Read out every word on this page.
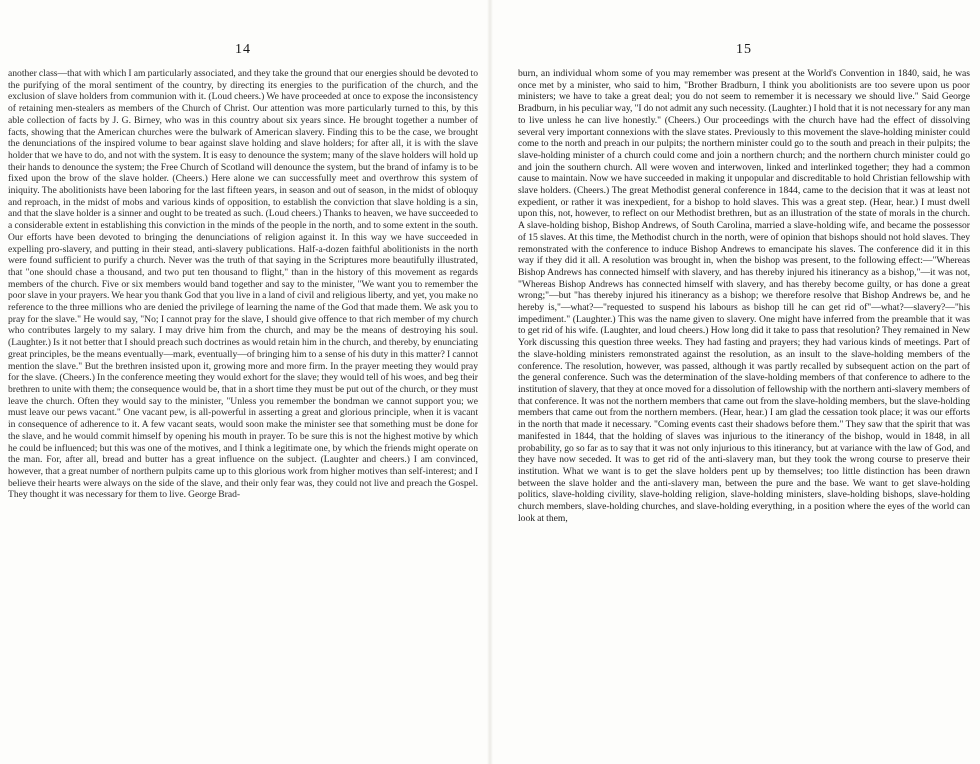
14

another class—that with which I am particularly associated, and they take the ground that our energies should be devoted to the purifying of the moral sentiment of the country, by directing its energies to the purification of the church, and the exclusion of slave holders from communion with it. (Loud cheers.) We have proceeded at once to expose the inconsistency of retaining men-stealers as members of the Church of Christ. Our attention was more particularly turned to this, by this able collection of facts by J. G. Birney, who was in this country about six years since. He brought together a number of facts, showing that the American churches were the bulwark of American slavery. Finding this to be the case, we brought the denunciations of the inspired volume to bear against slave holding and slave holders; for after all, it is with the slave holder that we have to do, and not with the system. It is easy to denounce the system; many of the slave holders will hold up their hands to denounce the system; the Free Church of Scotland will denounce the system, but the brand of infamy is to be fixed upon the brow of the slave holder. (Cheers.) Here alone we can successfully meet and overthrow this system of iniquity. The abolitionists have been laboring for the last fifteen years, in season and out of season, in the midst of obloquy and reproach, in the midst of mobs and various kinds of opposition, to establish the conviction that slave holding is a sin, and that the slave holder is a sinner and ought to be treated as such. (Loud cheers.) Thanks to heaven, we have succeeded to a considerable extent in establishing this conviction in the minds of the people in the north, and to some extent in the south. Our efforts have been devoted to bringing the denunciations of religion against it. In this way we have succeeded in expelling pro-slavery, and putting in their stead, anti-slavery publications. Half-a-dozen faithful abolitionists in the north were found sufficient to purify a church. Never was the truth of that saying in the Scriptures more beautifully illustrated, that "one should chase a thousand, and two put ten thousand to flight," than in the history of this movement as regards members of the church. Five or six members would band together and say to the minister, "We want you to remember the poor slave in your prayers. We hear you thank God that you live in a land of civil and religious liberty, and yet, you make no reference to the three millions who are denied the privilege of learning the name of the God that made them. We ask you to pray for the slave." He would say, "No; I cannot pray for the slave, I should give offence to that rich member of my church who contributes largely to my salary. I may drive him from the church, and may be the means of destroying his soul. (Laughter.) Is it not better that I should preach such doctrines as would retain him in the church, and thereby, by enunciating great principles, be the means eventually—mark, eventually—of bringing him to a sense of his duty in this matter? I cannot mention the slave." But the brethren insisted upon it, growing more and more firm. In the prayer meeting they would pray for the slave. (Cheers.) In the conference meeting they would exhort for the slave; they would tell of his woes, and beg their brethren to unite with them; the consequence would be, that in a short time they must be put out of the church, or they must leave the church. Often they would say to the minister, "Unless you remember the bondman we cannot support you; we must leave our pews vacant." One vacant pew, is all-powerful in asserting a great and glorious principle, when it is vacant in consequence of adherence to it. A few vacant seats, would soon make the minister see that something must be done for the slave, and he would commit himself by opening his mouth in prayer. To be sure this is not the highest motive by which he could be influenced; but this was one of the motives, and I think a legitimate one, by which the friends might operate on the man. For, after all, bread and butter has a great influence on the subject. (Laughter and cheers.) I am convinced, however, that a great number of northern pulpits came up to this glorious work from higher motives than self-interest; and I believe their hearts were always on the side of the slave, and their only fear was, they could not live and preach the Gospel. They thought it was necessary for them to live. George Brad-

15

burn, an individual whom some of you may remember was present at the World's Convention in 1840, said, he was once met by a minister, who said to him, "Brother Bradburn, I think you abolitionists are too severe upon us poor ministers; we have to take a great deal; you do not seem to remember it is necessary we should live." Said George Bradburn, in his peculiar way, "I do not admit any such necessity. (Laughter.) I hold that it is not necessary for any man to live unless he can live honestly." (Cheers.) Our proceedings with the church have had the effect of dissolving several very important connexions with the slave states. Previously to this movement the slave-holding minister could come to the north and preach in our pulpits; the northern minister could go to the south and preach in their pulpits; the slave-holding minister of a church could come and join a northern church; and the northern church minister could go and join the southern church. All were woven and interwoven, linked and interlinked together; they had a common cause to maintain. Now we have succeeded in making it unpopular and discreditable to hold Christian fellowship with slave holders. (Cheers.) The great Methodist general conference in 1844, came to the decision that it was at least not expedient, or rather it was inexpedient, for a bishop to hold slaves. This was a great step. (Hear, hear.) I must dwell upon this, not, however, to reflect on our Methodist brethren, but as an illustration of the state of morals in the church. A slave-holding bishop, Bishop Andrews, of South Carolina, married a slave-holding wife, and became the possessor of 15 slaves. At this time, the Methodist church in the north, were of opinion that bishops should not hold slaves. They remonstrated with the conference to induce Bishop Andrews to emancipate his slaves. The conference did it in this way if they did it all. A resolution was brought in, when the bishop was present, to the following effect:—"Whereas Bishop Andrews has connected himself with slavery, and has thereby injured his itinerancy as a bishop,"—it was not, "Whereas Bishop Andrews has connected himself with slavery, and has thereby become guilty, or has done a great wrong;"—but "has thereby injured his itinerancy as a bishop; we therefore resolve that Bishop Andrews be, and he hereby is,"—what?—"requested to suspend his labours as bishop till he can get rid of"—what?—slavery?—"his impediment." (Laughter.) This was the name given to slavery. One might have inferred from the preamble that it was to get rid of his wife. (Laughter, and loud cheers.) How long did it take to pass that resolution? They remained in New York discussing this question three weeks. They had fasting and prayers; they had various kinds of meetings. Part of the slave-holding ministers remonstrated against the resolution, as an insult to the slave-holding members of the conference. The resolution, however, was passed, although it was partly recalled by subsequent action on the part of the general conference. Such was the determination of the slave-holding members of that conference to adhere to the institution of slavery, that they at once moved for a dissolution of fellowship with the northern anti-slavery members of that conference. It was not the northern members that came out from the slave-holding members, but the slave-holding members that came out from the northern members. (Hear, hear.) I am glad the cessation took place; it was our efforts in the north that made it necessary. "Coming events cast their shadows before them." They saw that the spirit that was manifested in 1844, that the holding of slaves was injurious to the itinerancy of the bishop, would in 1848, in all probability, go so far as to say that it was not only injurious to this itinerancy, but at variance with the law of God, and they have now seceded. It was to get rid of the anti-slavery man, but they took the wrong course to preserve their institution. What we want is to get the slave holders pent up by themselves; too little distinction has been drawn between the slave holder and the anti-slavery man, between the pure and the base. We want to get slave-holding politics, slave-holding civility, slave-holding religion, slave-holding ministers, slave-holding bishops, slave-holding church members, slave-holding churches, and slave-holding everything, in a position where the eyes of the world can look at them,
